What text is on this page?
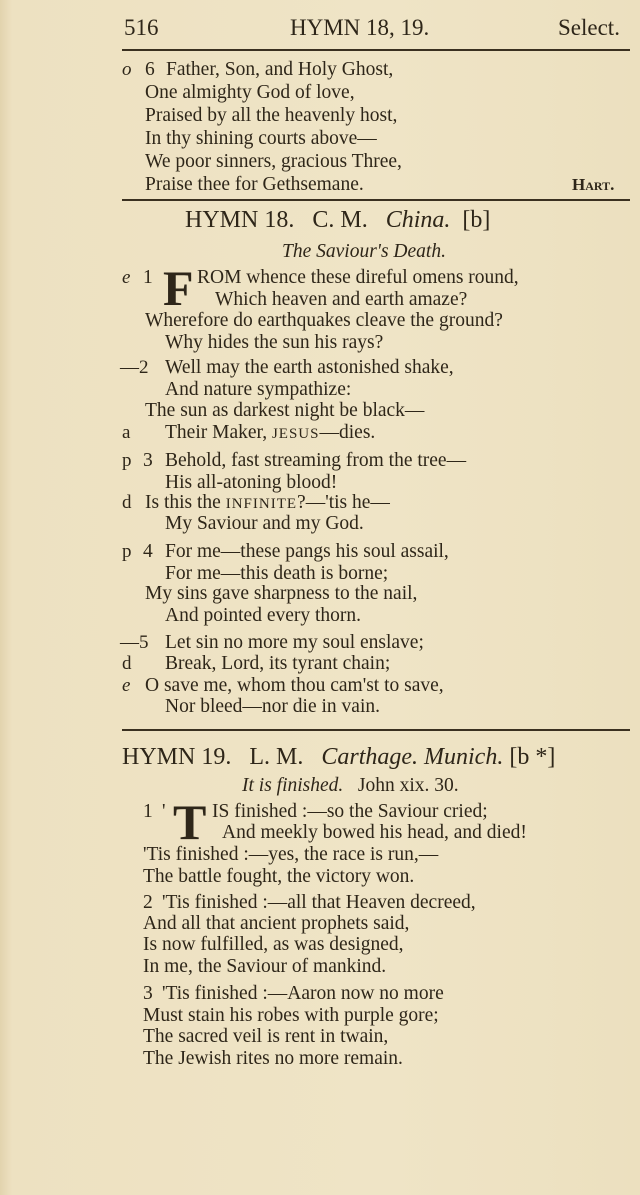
516	HYMN 18, 19.	Select.
o 6 Father, Son, and Holy Ghost,
One almighty God of love,
Praised by all the heavenly host,
In thy shining courts above—
We poor sinners, gracious Three,
Praise thee for Gethsemane.	Hart.
HYMN 18. C. M. China. [b]
The Saviour's Death.
e 1 F ROM whence these direful omens round,
Which heaven and earth amaze?
Wherefore do earthquakes cleave the ground?
Why hides the sun his rays?
—2 Well may the earth astonished shake,
And nature sympathize:
The sun as darkest night be black—
a Their Maker, JESUS—dies.
p 3 Behold, fast streaming from the tree—
His all-atoning blood!
d Is this the INFINITE?—'tis he—
My Saviour and my God.
p 4 For me—these pangs his soul assail,
For me—this death is borne;
My sins gave sharpness to the nail,
And pointed every thorn.
—5 Let sin no more my soul enslave;
d Break, Lord, its tyrant chain;
e O save me, whom thou cam'st to save,
Nor bleed—nor die in vain.
HYMN 19. L. M. Carthage. Munich. [b *]
It is finished. John xix. 30.
1 ' T IS finished :—so the Saviour cried;
And meekly bowed his head, and died!
'Tis finished :—yes, the race is run,—
The battle fought, the victory won.
2 'Tis finished :—all that Heaven decreed,
And all that ancient prophets said,
Is now fulfilled, as was designed,
In me, the Saviour of mankind.
3 'Tis finished :—Aaron now no more
Must stain his robes with purple gore;
The sacred veil is rent in twain,
The Jewish rites no more remain.
